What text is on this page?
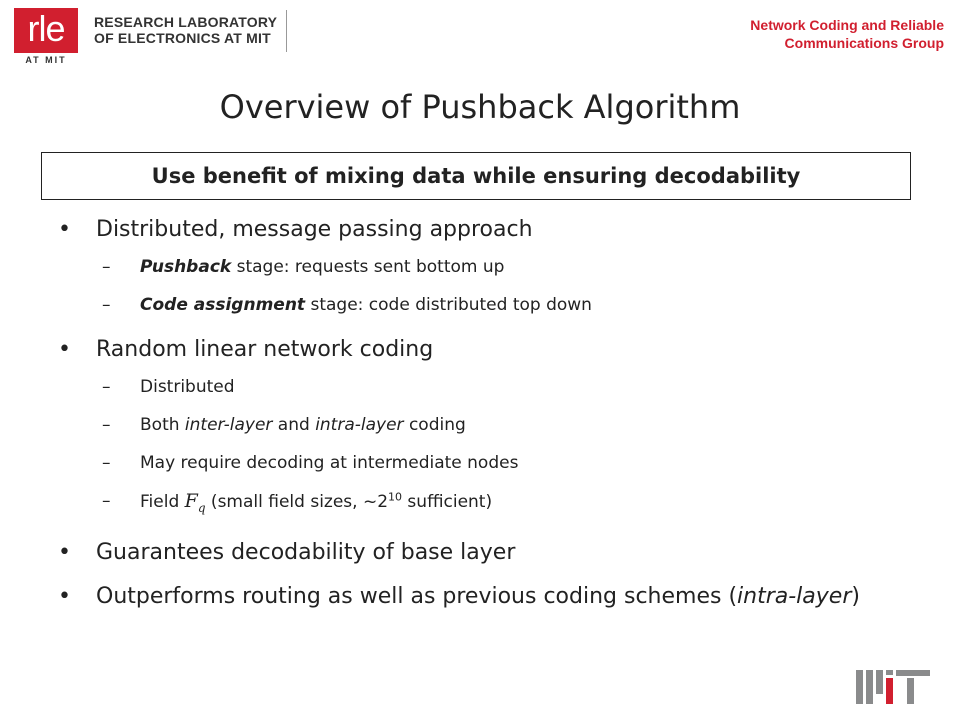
rle
AT MIT
RESEARCH LABORATORY
OF ELECTRONICS AT MIT
Network Coding and Reliable
Communications Group
Overview of Pushback Algorithm
Use benefit of mixing data while ensuring decodability
• Distributed, message passing approach
– Pushback stage: requests sent bottom up
– Code assignment stage: code distributed top down
• Random linear network coding
– Distributed
– Both inter-layer and intra-layer coding
– May require decoding at intermediate nodes
– Field $F_q$ (small field sizes, $\sim 2^{10}$ sufficient)
• Guarantees decodability of base layer
• Outperforms routing as well as previous coding schemes (intra-layer)
